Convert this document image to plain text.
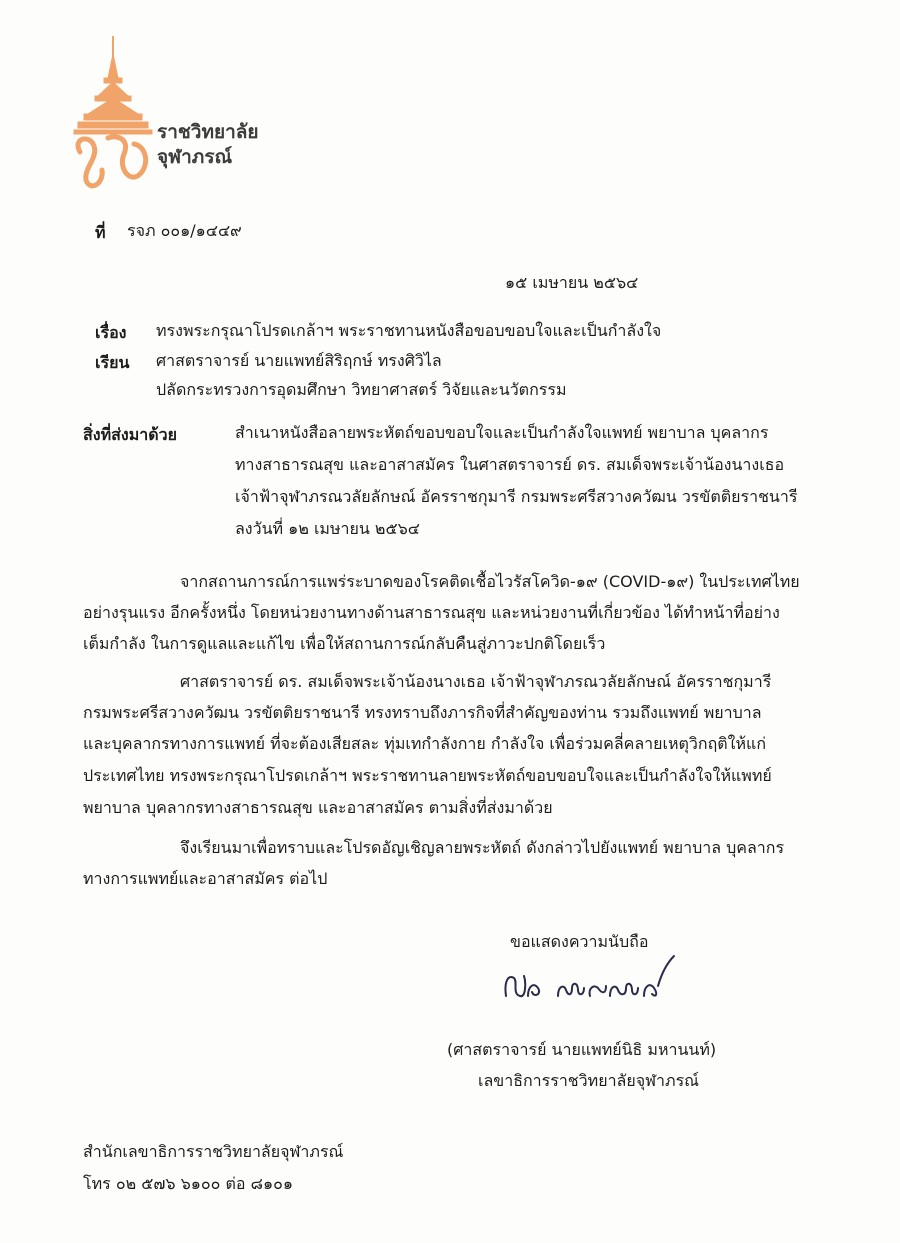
ราชวิทยาลัย
จุฬาภรณ์
ที่ รจภ ๐๐๑/๑๔๔๙
๑๕ เมษายน ๒๕๖๔
เรื่อง ทรงพระกรุณาโปรดเกล้าฯ พระราชทานหนังสือขอบขอบใจและเป็นกำลังใจ
เรียน ศาสตราจารย์ นายแพทย์สิริฤกษ์ ทรงศิวิไล
ปลัดกระทรวงการอุดมศึกษา วิทยาศาสตร์ วิจัยและนวัตกรรม
สิ่งที่ส่งมาด้วย	สำเนาหนังสือลายพระหัตถ์ขอบขอบใจและเป็นกำลังใจแพทย์ พยาบาล บุคลากร
ทางสาธารณสุข และอาสาสมัคร ในศาสตราจารย์ ดร. สมเด็จพระเจ้าน้องนางเธอ
เจ้าฟ้าจุฬาภรณวลัยลักษณ์ อัครราชกุมารี กรมพระศรีสวางควัฒน วรขัตติยราชนารี
ลงวันที่ ๑๒ เมษายน ๒๕๖๔
จากสถานการณ์การแพร่ระบาดของโรคติดเชื้อไวรัสโควิด-๑๙ (COVID-๑๙) ในประเทศไทย
อย่างรุนแรง อีกครั้งหนึ่ง โดยหน่วยงานทางด้านสาธารณสุข และหน่วยงานที่เกี่ยวข้อง ได้ทำหน้าที่อย่าง
เต็มกำลัง ในการดูแลและแก้ไข เพื่อให้สถานการณ์กลับคืนสู่ภาวะปกติโดยเร็ว
ศาสตราจารย์ ดร. สมเด็จพระเจ้าน้องนางเธอ เจ้าฟ้าจุฬาภรณวลัยลักษณ์ อัครราชกุมารี
กรมพระศรีสวางควัฒน วรขัตติยราชนารี ทรงทราบถึงภารกิจที่สำคัญของท่าน รวมถึงแพทย์ พยาบาล
และบุคลากรทางการแพทย์ ที่จะต้องเสียสละ ทุ่มเทกำลังกาย กำลังใจ เพื่อร่วมคลี่คลายเหตุวิกฤติให้แก่
ประเทศไทย ทรงพระกรุณาโปรดเกล้าฯ พระราชทานลายพระหัตถ์ขอบขอบใจและเป็นกำลังใจให้แพทย์
พยาบาล บุคลากรทางสาธารณสุข และอาสาสมัคร ตามสิ่งที่ส่งมาด้วย
จึงเรียนมาเพื่อทราบและโปรดอัญเชิญลายพระหัตถ์ ดังกล่าวไปยังแพทย์ พยาบาล บุคลากร
ทางการแพทย์และอาสาสมัคร ต่อไป
ขอแสดงความนับถือ
(ศาสตราจารย์ นายแพทย์นิธิ มหานนท์)
เลขาธิการราชวิทยาลัยจุฬาภรณ์
สำนักเลขาธิการราชวิทยาลัยจุฬาภรณ์
โทร ๐๒ ๕๗๖ ๖๑๐๐ ต่อ ๘๑๐๑
